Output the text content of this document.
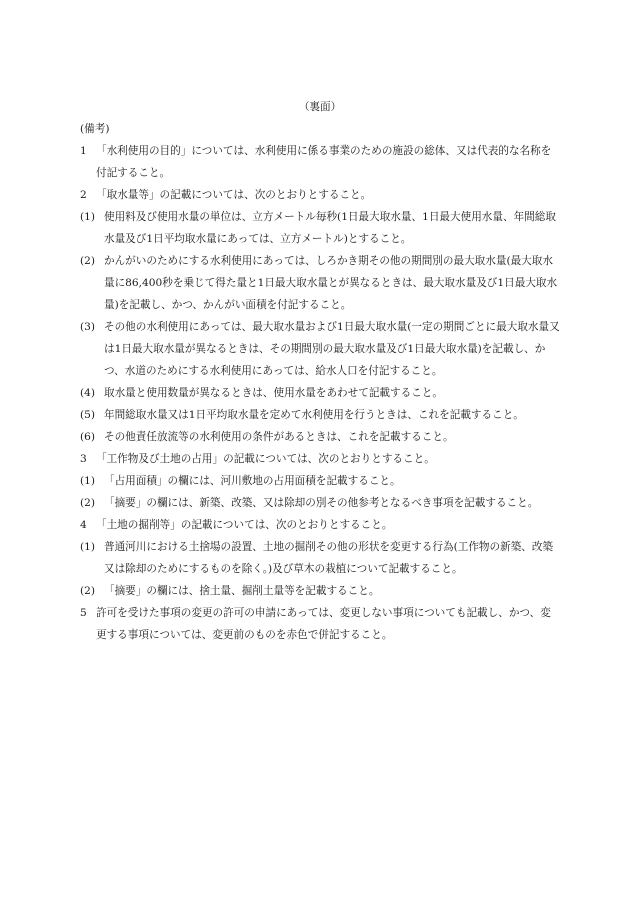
（裏面）
(備考)
1 「水利使用の目的」については、水利使用に係る事業のための施設の総体、又は代表的な名称を付記すること。
2 「取水量等」の記載については、次のとおりとすること。
(1) 使用料及び使用水量の単位は、立方メートル毎秒(1日最大取水量、1日最大使用水量、年間総取水量及び1日平均取水量にあっては、立方メートル)とすること。
(2) かんがいのためにする水利使用にあっては、しろかき期その他の期間別の最大取水量(最大取水量に86,400秒を乗じて得た量と1日最大取水量とが異なるときは、最大取水量及び1日最大取水量)を記載し、かつ、かんがい面積を付記すること。
(3) その他の水利使用にあっては、最大取水量および1日最大取水量(一定の期間ごとに最大取水量又は1日最大取水量が異なるときは、その期間別の最大取水量及び1日最大取水量)を記載し、かつ、水道のためにする水利使用にあっては、給水人口を付記すること。
(4) 取水量と使用数量が異なるときは、使用水量をあわせて記載すること。
(5) 年間総取水量又は1日平均取水量を定めて水利使用を行うときは、これを記載すること。
(6) その他責任放流等の水利使用の条件があるときは、これを記載すること。
3 「工作物及び土地の占用」の記載については、次のとおりとすること。
(1) 「占用面積」の欄には、河川敷地の占用面積を記載すること。
(2) 「摘要」の欄には、新築、改築、又は除却の別その他参考となるべき事項を記載すること。
4 「土地の掘削等」の記載については、次のとおりとすること。
(1) 普通河川における土捨場の設置、土地の掘削その他の形状を変更する行為(工作物の新築、改築又は除却のためにするものを除く。)及び草木の栽植について記載すること。
(2) 「摘要」の欄には、捨土量、掘削土量等を記載すること。
5 許可を受けた事項の変更の許可の申請にあっては、変更しない事項についても記載し、かつ、変更する事項については、変更前のものを赤色で併記すること。
